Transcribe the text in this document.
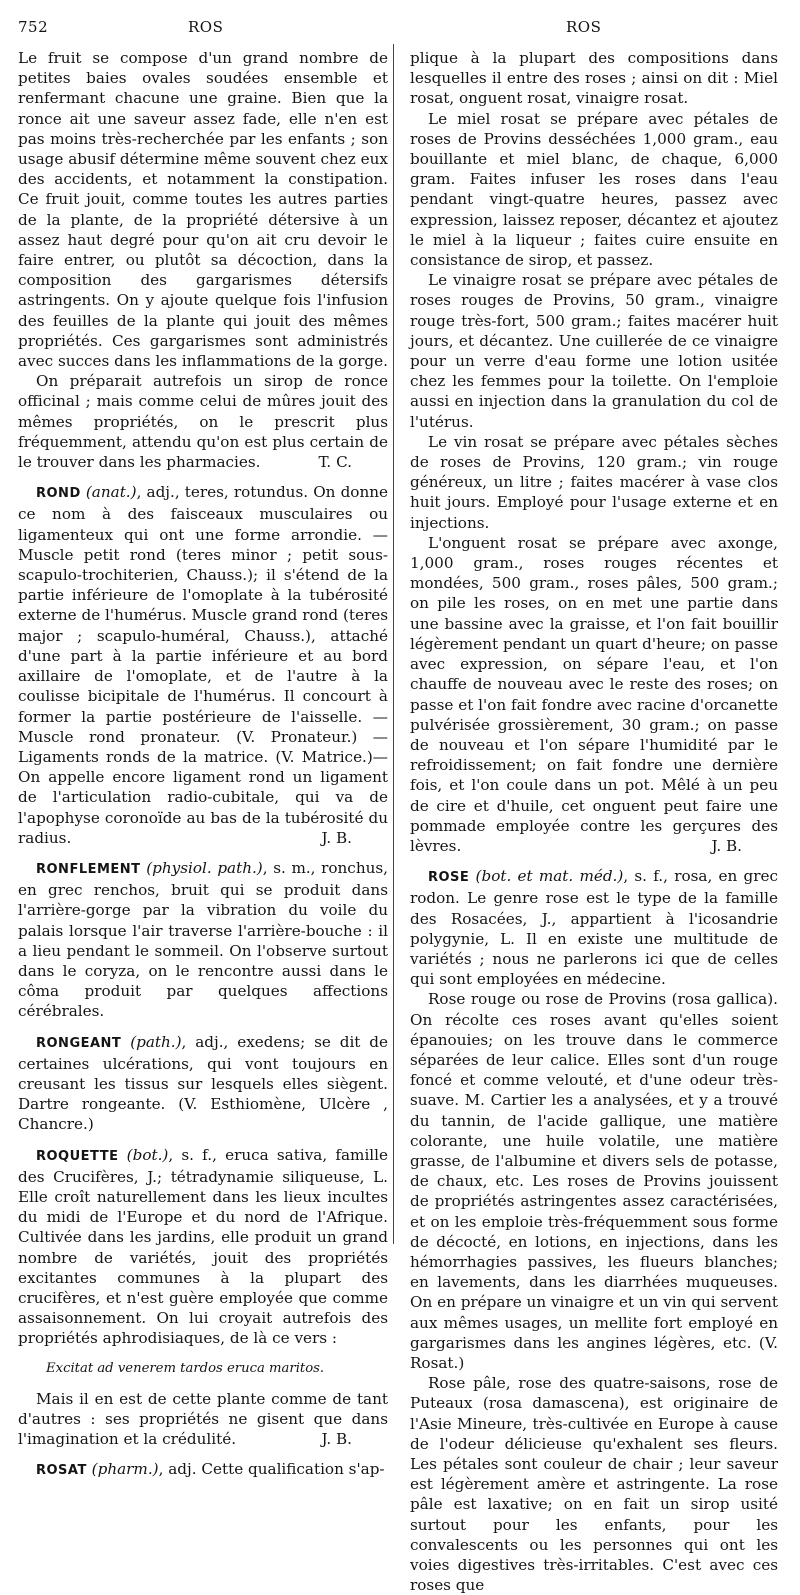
752	ROS	ROS

Le fruit se compose d'un grand nombre de petites baies ovales soudées ensemble et renfermant chacune une graine. Bien que la ronce ait une saveur assez fade, elle n'en est pas moins très-recherchée par les enfants ; son usage abusif détermine même souvent chez eux des accidents, et notamment la constipation. Ce fruit jouit, comme toutes les autres parties de la plante, de la propriété détersive à un assez haut degré pour qu'on ait cru devoir le faire entrer, ou plutôt sa décoction, dans la composition des gargarismes détersifs astringents. On y ajoute quelque fois l'infusion des feuilles de la plante qui jouit des mêmes propriétés. Ces gargarismes sont administrés avec succes dans les inflammations de la gorge.

On préparait autrefois un sirop de ronce officinal ; mais comme celui de mûres jouit des mêmes propriétés, on le prescrit plus fréquemment, attendu qu'on est plus certain de le trouver dans les pharmacies.	T. C.

ROND (anat.), adj., teres, rotundus. On donne ce nom à des faisceaux musculaires ou ligamenteux qui ont une forme arrondie. — Muscle petit rond (teres minor ; petit sous-scapulo-trochiterien, Chauss.); il s'étend de la partie inférieure de l'omoplate à la tubérosité externe de l'humérus. Muscle grand rond (teres major ; scapulo-huméral, Chauss.), attaché d'une part à la partie inférieure et au bord axillaire de l'omoplate, et de l'autre à la coulisse bicipitale de l'humérus. Il concourt à former la partie postérieure de l'aisselle. — Muscle rond pronateur. (V. Pronateur.) — Ligaments ronds de la matrice. (V. Matrice.)—On appelle encore ligament rond un ligament de l'articulation radio-cubitale, qui va de l'apophyse coronoïde au bas de la tubérosité du radius.	J. B.

RONFLEMENT (physiol. path.), s. m., ronchus, en grec renchos, bruit qui se produit dans l'arrière-gorge par la vibration du voile du palais lorsque l'air traverse l'arrière-bouche : il a lieu pendant le sommeil. On l'observe surtout dans le coryza, on le rencontre aussi dans le côma produit par quelques affections cérébrales.

RONGEANT (path.), adj., exedens; se dit de certaines ulcérations, qui vont toujours en creusant les tissus sur lesquels elles siègent. Dartre rongeante. (V. Esthiomène, Ulcère , Chancre.)

ROQUETTE (bot.), s. f., eruca sativa, famille des Crucifères, J.; tétradynamie siliqueuse, L. Elle croît naturellement dans les lieux incultes du midi de l'Europe et du nord de l'Afrique. Cultivée dans les jardins, elle produit un grand nombre de variétés, jouit des propriétés excitantes communes à la plupart des crucifères, et n'est guère employée que comme assaisonnement. On lui croyait autrefois des propriétés aphrodisiaques, de là ce vers :

Excitat ad venerem tardos eruca maritos.

Mais il en est de cette plante comme de tant d'autres : ses propriétés ne gisent que dans l'imagination et la crédulité.	J. B.

ROSAT (pharm.), adj. Cette qualification s'ap-

plique à la plupart des compositions dans lesquelles il entre des roses ; ainsi on dit : Miel rosat, onguent rosat, vinaigre rosat.

Le miel rosat se prépare avec pétales de roses de Provins desséchées 1,000 gram., eau bouillante et miel blanc, de chaque, 6,000 gram. Faites infuser les roses dans l'eau pendant vingt-quatre heures, passez avec expression, laissez reposer, décantez et ajoutez le miel à la liqueur ; faites cuire ensuite en consistance de sirop, et passez.

Le vinaigre rosat se prépare avec pétales de roses rouges de Provins, 50 gram., vinaigre rouge très-fort, 500 gram.; faites macérer huit jours, et décantez. Une cuillerée de ce vinaigre pour un verre d'eau forme une lotion usitée chez les femmes pour la toilette. On l'emploie aussi en injection dans la granulation du col de l'utérus.

Le vin rosat se prépare avec pétales sèches de roses de Provins, 120 gram.; vin rouge généreux, un litre ; faites macérer à vase clos huit jours. Employé pour l'usage externe et en injections.

L'onguent rosat se prépare avec axonge, 1,000 gram., roses rouges récentes et mondées, 500 gram., roses pâles, 500 gram.; on pile les roses, on en met une partie dans une bassine avec la graisse, et l'on fait bouillir légèrement pendant un quart d'heure; on passe avec expression, on sépare l'eau, et l'on chauffe de nouveau avec le reste des roses; on passe et l'on fait fondre avec racine d'orcanette pulvérisée grossièrement, 30 gram.; on passe de nouveau et l'on sépare l'humidité par le refroidissement; on fait fondre une dernière fois, et l'on coule dans un pot. Mêlé à un peu de cire et d'huile, cet onguent peut faire une pommade employée contre les gerçures des lèvres.	J. B.

ROSE (bot. et mat. méd.), s. f., rosa, en grec rodon. Le genre rose est le type de la famille des Rosacées, J., appartient à l'icosandrie polygynie, L. Il en existe une multitude de variétés ; nous ne parlerons ici que de celles qui sont employées en médecine.

Rose rouge ou rose de Provins (rosa gallica). On récolte ces roses avant qu'elles soient épanouies; on les trouve dans le commerce séparées de leur calice. Elles sont d'un rouge foncé et comme velouté, et d'une odeur très-suave. M. Cartier les a analysées, et y a trouvé du tannin, de l'acide gallique, une matière colorante, une huile volatile, une matière grasse, de l'albumine et divers sels de potasse, de chaux, etc. Les roses de Provins jouissent de propriétés astringentes assez caractérisées, et on les emploie très-fréquemment sous forme de décocté, en lotions, en injections, dans les hémorrhagies passives, les flueurs blanches; en lavements, dans les diarrhées muqueuses. On en prépare un vinaigre et un vin qui servent aux mêmes usages, un mellite fort employé en gargarismes dans les angines légères, etc. (V. Rosat.)

Rose pâle, rose des quatre-saisons, rose de Puteaux (rosa damascena), est originaire de l'Asie Mineure, très-cultivée en Europe à cause de l'odeur délicieuse qu'exhalent ses fleurs. Les pétales sont couleur de chair ; leur saveur est légèrement amère et astringente. La rose pâle est laxative; on en fait un sirop usité surtout pour les enfants, pour les convalescents ou les personnes qui ont les voies digestives très-irritables. C'est avec ces roses que
